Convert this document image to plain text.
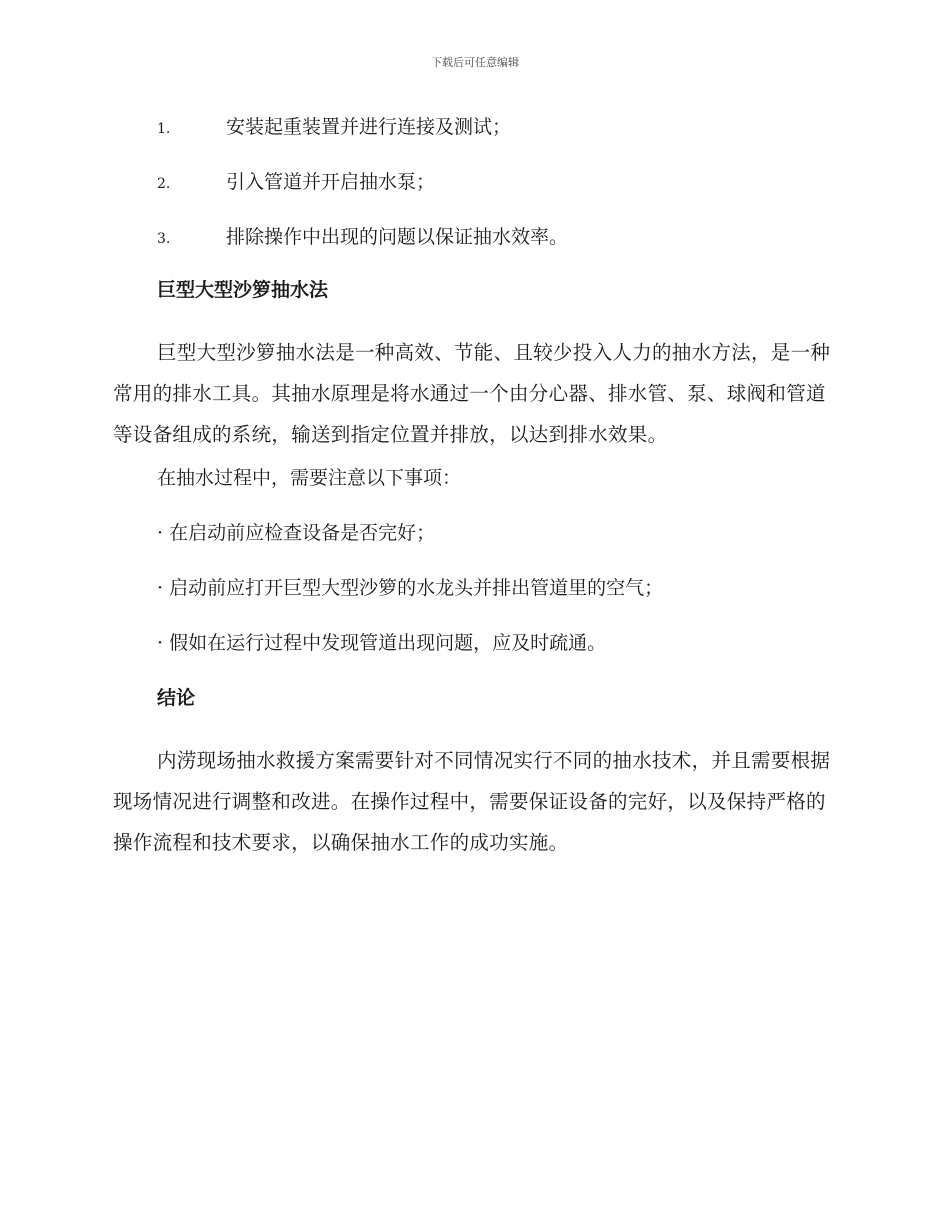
下载后可任意编辑
1.	安装起重装置并进行连接及测试；
2.	引入管道并开启抽水泵；
3.	排除操作中出现的问题以保证抽水效率。
巨型大型沙箩抽水法

巨型大型沙箩抽水法是一种高效、节能、且较少投入人力的抽水方法，是一种常用的排水工具。其抽水原理是将水通过一个由分心器、排水管、泵、球阀和管道等设备组成的系统，输送到指定位置并排放，以达到排水效果。

在抽水过程中，需要注意以下事项：
· 在启动前应检查设备是否完好；
· 启动前应打开巨型大型沙箩的水龙头并排出管道里的空气；
· 假如在运行过程中发现管道出现问题，应及时疏通。
结论

内涝现场抽水救援方案需要针对不同情况实行不同的抽水技术，并且需要根据现场情况进行调整和改进。在操作过程中，需要保证设备的完好，以及保持严格的操作流程和技术要求，以确保抽水工作的成功实施。
